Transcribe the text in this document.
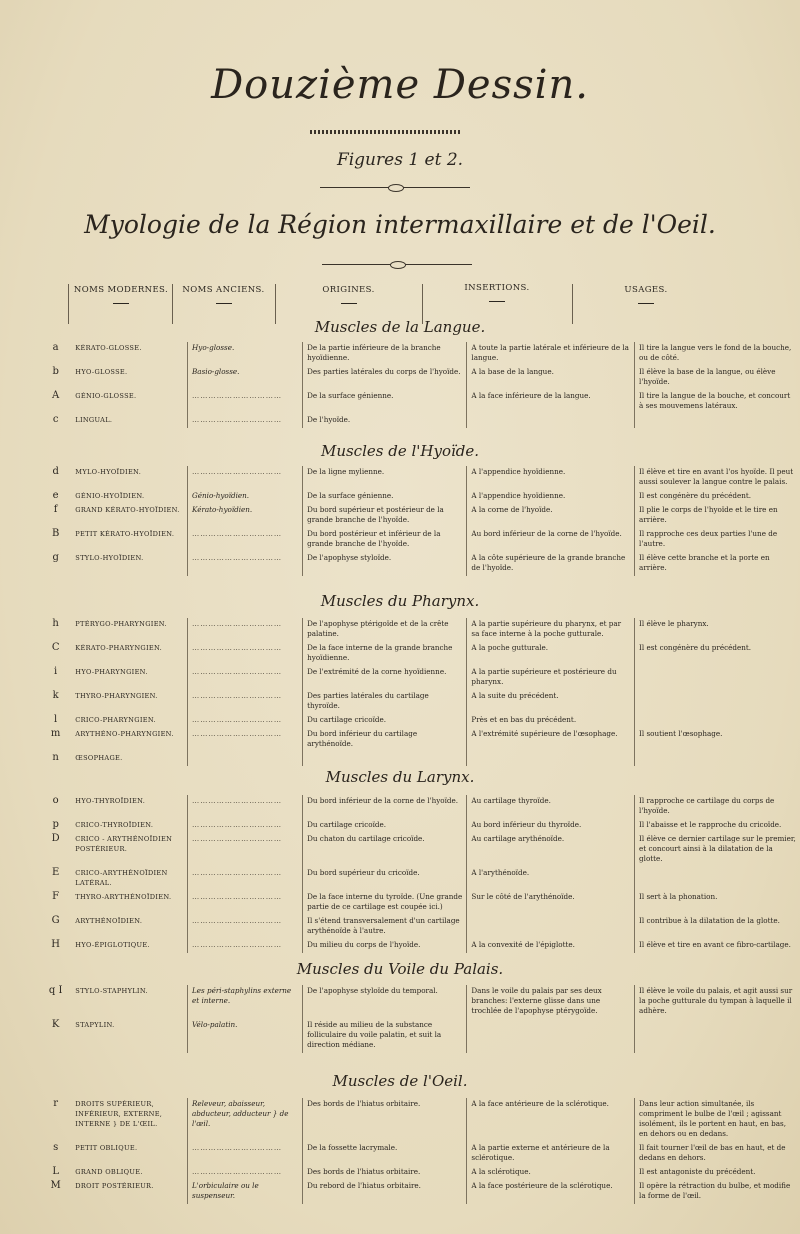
Douzième Dessin.
Figures 1 et 2.
Myologie de la Région intermaxillaire et de l'Oeil.
NOMS MODERNES.	NOMS ANCIENS.	ORIGINES.	INSERTIONS.	USAGES.
Muscles de la Langue.
a	KÉRATO-GLOSSE.	Hyo-glosse.	De la partie inférieure de la branche hyoïdienne.	A toute la partie latérale et inférieure de la langue.	Il tire la langue vers le fond de la bouche, ou de côté.
b	HYO-GLOSSE.	Basio-glosse.	Des parties latérales du corps de l'hyoïde.	A la base de la langue.	Il élève la base de la langue, ou élève l'hyoïde.
A	GÉNIO-GLOSSE.	……………………………	De la surface génienne.	A la face inférieure de la langue.	Il tire la langue de la bouche, et concourt à ses mouvemens latéraux.
c	LINGUAL.	……………………………	De l'hyoïde.		
Muscles de l'Hyoïde.
d	MYLO-HYOÏDIEN.	……………………………	De la ligne mylienne.	A l'appendice hyoïdienne.	Il élève et tire en avant l'os hyoïde. Il peut aussi soulever la langue contre le palais.
e	GÉNIO-HYOÏDIEN.	Génio-hyoïdien.	De la surface génienne.	A l'appendice hyoïdienne.	Il est congénère du précédent.
f	GRAND KÉRATO-HYOÏDIEN.	Kérato-hyoïdien.	Du bord supérieur et postérieur de la grande branche de l'hyoïde.	A la corne de l'hyoïde.	Il plie le corps de l'hyoïde et le tire en arrière.
B	PETIT KÉRATO-HYOÏDIEN.	……………………………	Du bord postérieur et inférieur de la grande branche de l'hyoïde.	Au bord inférieur de la corne de l'hyoïde.	Il rapproche ces deux parties l'une de l'autre.
g	STYLO-HYOÏDIEN.	……………………………	De l'apophyse styloïde.	A la côte supérieure de la grande branche de l'hyoïde.	Il élève cette branche et la porte en arrière.
Muscles du Pharynx.
h	PTÉRYGO-PHARYNGIEN.	……………………………	De l'apophyse ptérigoïde et de la crête palatine.	A la partie supérieure du pharynx, et par sa face interne à la poche gutturale.	Il élève le pharynx.
C	KÉRATO-PHARYNGIEN.	……………………………	De la face interne de la grande branche hyoïdienne.	A la poche gutturale.	Il est congénère du précédent.
i	HYO-PHARYNGIEN.	……………………………	De l'extrémité de la corne hyoïdienne.	A la partie supérieure et postérieure du pharynx.	
k	THYRO-PHARYNGIEN.	……………………………	Des parties latérales du cartilage thyroïde.	A la suite du précédent.	
l	CRICO-PHARYNGIEN.	……………………………	Du cartilage cricoïde.	Près et en bas du précédent.	
m	ARYTHÉNO-PHARYNGIEN.	……………………………	Du bord inférieur du cartilage arythénoïde.	A l'extrémité supérieure de l'œsophage.	Il soutient l'œsophage.
n	ŒSOPHAGE.				
Muscles du Larynx.
o	HYO-THYROÏDIEN.	……………………………	Du bord inférieur de la corne de l'hyoïde.	Au cartilage thyroïde.	Il rapproche ce cartilage du corps de l'hyoïde.
p	CRICO-THYROÏDIEN.	……………………………	Du cartilage cricoïde.	Au bord inférieur du thyroïde.	Il l'abaisse et le rapproche du cricoïde.
D	CRICO - ARYTHÉNOÏDIEN POSTÉRIEUR.	……………………………	Du chaton du cartilage cricoïde.	Au cartilage arythénoïde.	Il élève ce dernier cartilage sur le premier, et concourt ainsi à la dilatation de la glotte.
E	CRICO-ARYTHÉNOÏDIEN LATÉRAL.	……………………………	Du bord supérieur du cricoïde.	A l'arythénoïde.	
F	THYRO-ARYTHÉNOÏDIEN.	……………………………	De la face interne du tyroïde. (Une grande partie de ce cartilage est coupée ici.)	Sur le côté de l'arythénoïde.	Il sert à la phonation.
G	ARYTHÉNOÏDIEN.	……………………………	Il s'étend transversalement d'un cartilage arythénoïde à l'autre.		Il contribue à la dilatation de la glotte.
H	HYO-ÉPIGLOTIQUE.	……………………………	Du milieu du corps de l'hyoïde.	A la convexité de l'épiglotte.	Il élève et tire en avant ce fibro-cartilage.
Muscles du Voile du Palais.
q I	STYLO-STAPHYLIN.	Les péri-staphylins externe et interne.	De l'apophyse styloïde du temporal.	Dans le voile du palais par ses deux branches: l'externe glisse dans une trochlée de l'apophyse ptérygoïde.	Il élève le voile du palais, et agit aussi sur la poche gutturale du tympan à laquelle il adhère.
K	STAPYLIN.	Vélo-palatin.	Il réside au milieu de la substance folliculaire du voile palatin, et suit la direction médiane.		
Muscles de l'Oeil.
r	DROITS SUPÉRIEUR, INFÉRIEUR, EXTERNE, INTERNE } DE L'ŒIL.	Releveur, abaisseur, abducteur, adducteur } de l'œil.	Des bords de l'hiatus orbitaire.	A la face antérieure de la sclérotique.	Dans leur action simultanée, ils compriment le bulbe de l'œil ; agissant isolément, ils le portent en haut, en bas, en dehors ou en dedans.
s	PETIT OBLIQUE.	……………………………	De la fossette lacrymale.	A la partie externe et antérieure de la sclérotique.	Il fait tourner l'œil de bas en haut, et de dedans en dehors.
L	GRAND OBLIQUE.	……………………………	Des bords de l'hiatus orbitaire.	A la sclérotique.	Il est antagoniste du précédent.
M	DROIT POSTÉRIEUR.	L'orbiculaire ou le suspenseur.	Du rebord de l'hiatus orbitaire.	A la face postérieure de la sclérotique.	Il opère la rétraction du bulbe, et modifie la forme de l'œil.
